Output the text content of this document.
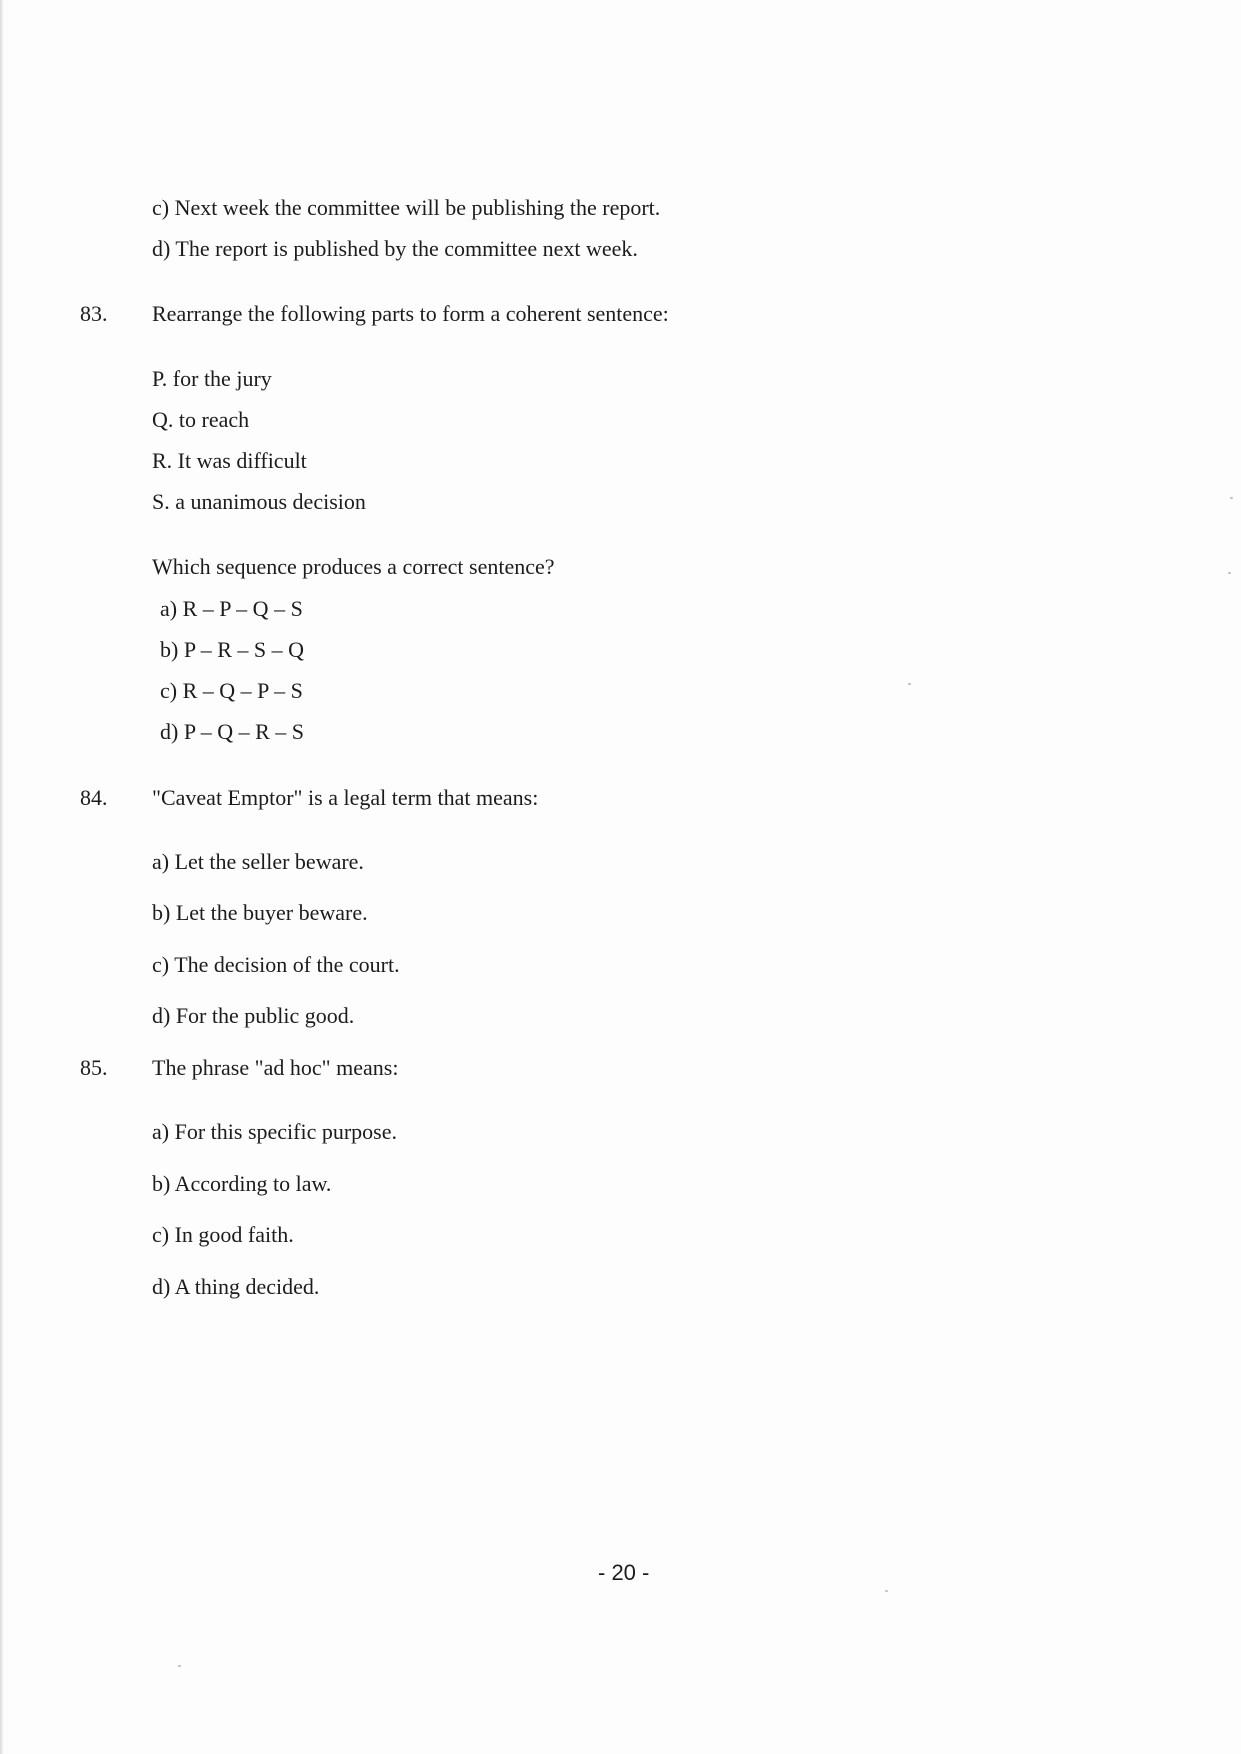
c) Next week the committee will be publishing the report.
d) The report is published by the committee next week.
83. Rearrange the following parts to form a coherent sentence:
P. for the jury
Q. to reach
R. It was difficult
S. a unanimous decision
Which sequence produces a correct sentence?
a) R – P – Q – S
b) P – R – S – Q
c) R – Q – P – S
d) P – Q – R – S
84. "Caveat Emptor" is a legal term that means:
a) Let the seller beware.
b) Let the buyer beware.
c) The decision of the court.
d) For the public good.
85. The phrase "ad hoc" means:
a) For this specific purpose.
b) According to law.
c) In good faith.
d) A thing decided.
- 20 -
